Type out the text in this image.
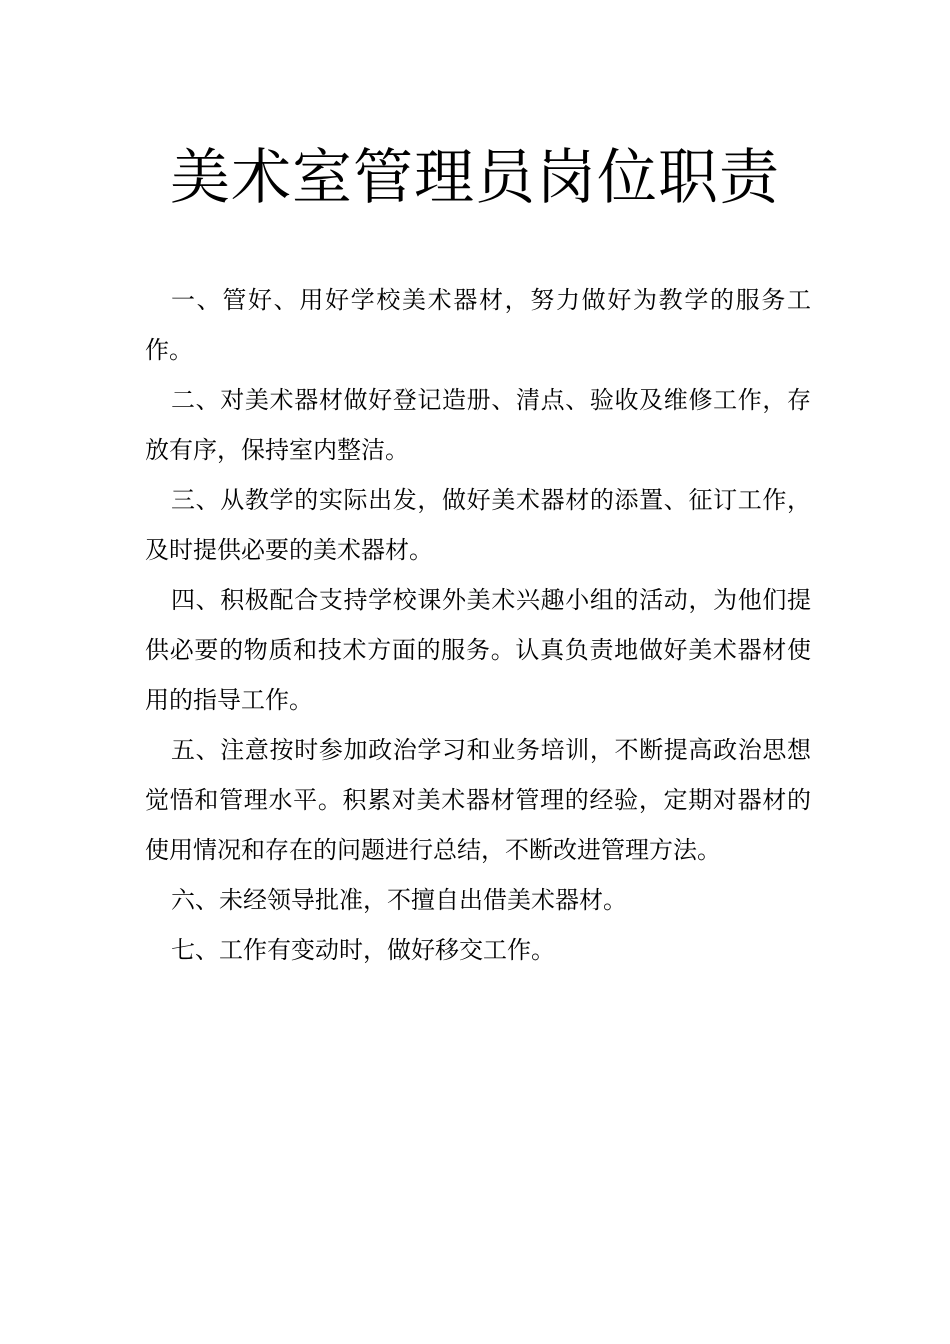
美术室管理员岗位职责

一、管好、用好学校美术器材，努力做好为教学的服务工作。

二、对美术器材做好登记造册、清点、验收及维修工作，存放有序，保持室内整洁。

三、从教学的实际出发，做好美术器材的添置、征订工作，及时提供必要的美术器材。

四、积极配合支持学校课外美术兴趣小组的活动，为他们提供必要的物质和技术方面的服务。认真负责地做好美术器材使用的指导工作。

五、注意按时参加政治学习和业务培训，不断提高政治思想觉悟和管理水平。积累对美术器材管理的经验，定期对器材的使用情况和存在的问题进行总结，不断改进管理方法。

六、未经领导批准，不擅自出借美术器材。

七、工作有变动时，做好移交工作。
